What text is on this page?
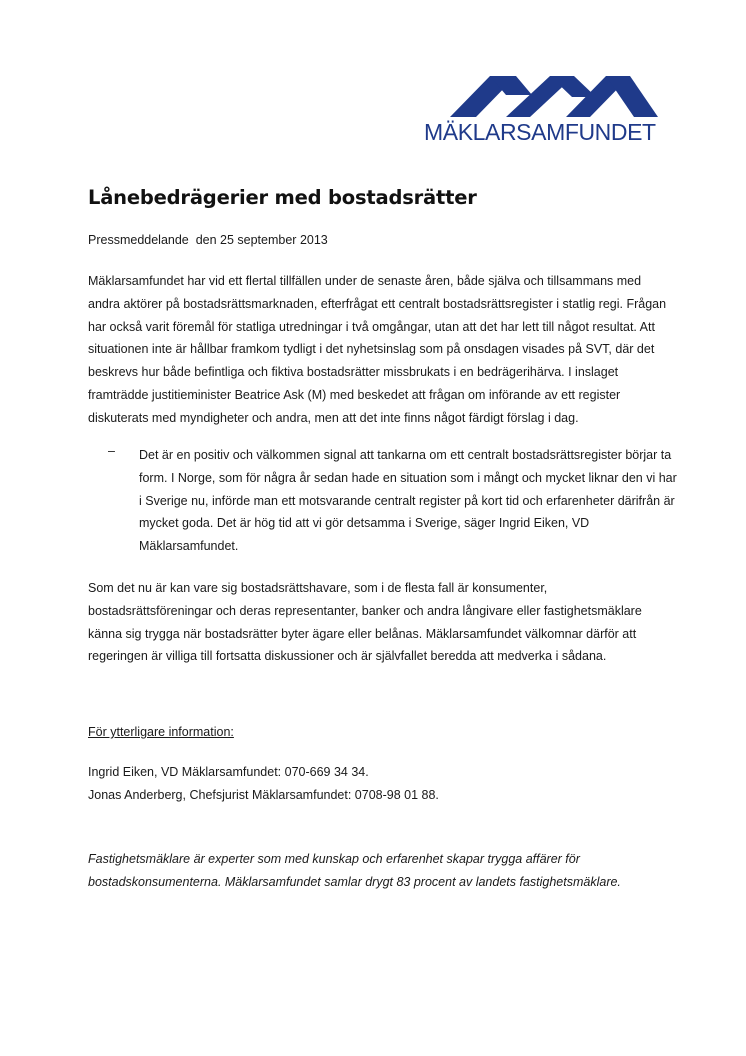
MÄKLARSAMFUNDET
Lånebedrägerier med bostadsrätter
Pressmeddelande  den 25 september 2013

Mäklarsamfundet har vid ett flertal tillfällen under de senaste åren, både själva och tillsammans med andra aktörer på bostadsrättsmarknaden, efterfrågat ett centralt bostadsrättsregister i statlig regi. Frågan har också varit föremål för statliga utredningar i två omgångar, utan att det har lett till något resultat. Att situationen inte är hållbar framkom tydligt i det nyhetsinslag som på onsdagen visades på SVT, där det beskrevs hur både befintliga och fiktiva bostadsrätter missbrukats i en bedrägerihärva. I inslaget framträdde justitieminister Beatrice Ask (M) med beskedet att frågan om införande av ett register diskuterats med myndigheter och andra, men att det inte finns något färdigt förslag i dag.

– Det är en positiv och välkommen signal att tankarna om ett centralt bostadsrättsregister börjar ta form. I Norge, som för några år sedan hade en situation som i mångt och mycket liknar den vi har i Sverige nu, införde man ett motsvarande centralt register på kort tid och erfarenheter därifrån är mycket goda. Det är hög tid att vi gör detsamma i Sverige, säger Ingrid Eiken, VD Mäklarsamfundet.

Som det nu är kan vare sig bostadsrättshavare, som i de flesta fall är konsumenter, bostadsrättsföreningar och deras representanter, banker och andra långivare eller fastighetsmäklare känna sig trygga när bostadsrätter byter ägare eller belånas. Mäklarsamfundet välkomnar därför att regeringen är villiga till fortsatta diskussioner och är självfallet beredda att medverka i sådana.

För ytterligare information:
Ingrid Eiken, VD Mäklarsamfundet: 070-669 34 34.
Jonas Anderberg, Chefsjurist Mäklarsamfundet: 0708-98 01 88.

Fastighetsmäklare är experter som med kunskap och erfarenhet skapar trygga affärer för bostadskonsumenterna. Mäklarsamfundet samlar drygt 83 procent av landets fastighetsmäklare.
